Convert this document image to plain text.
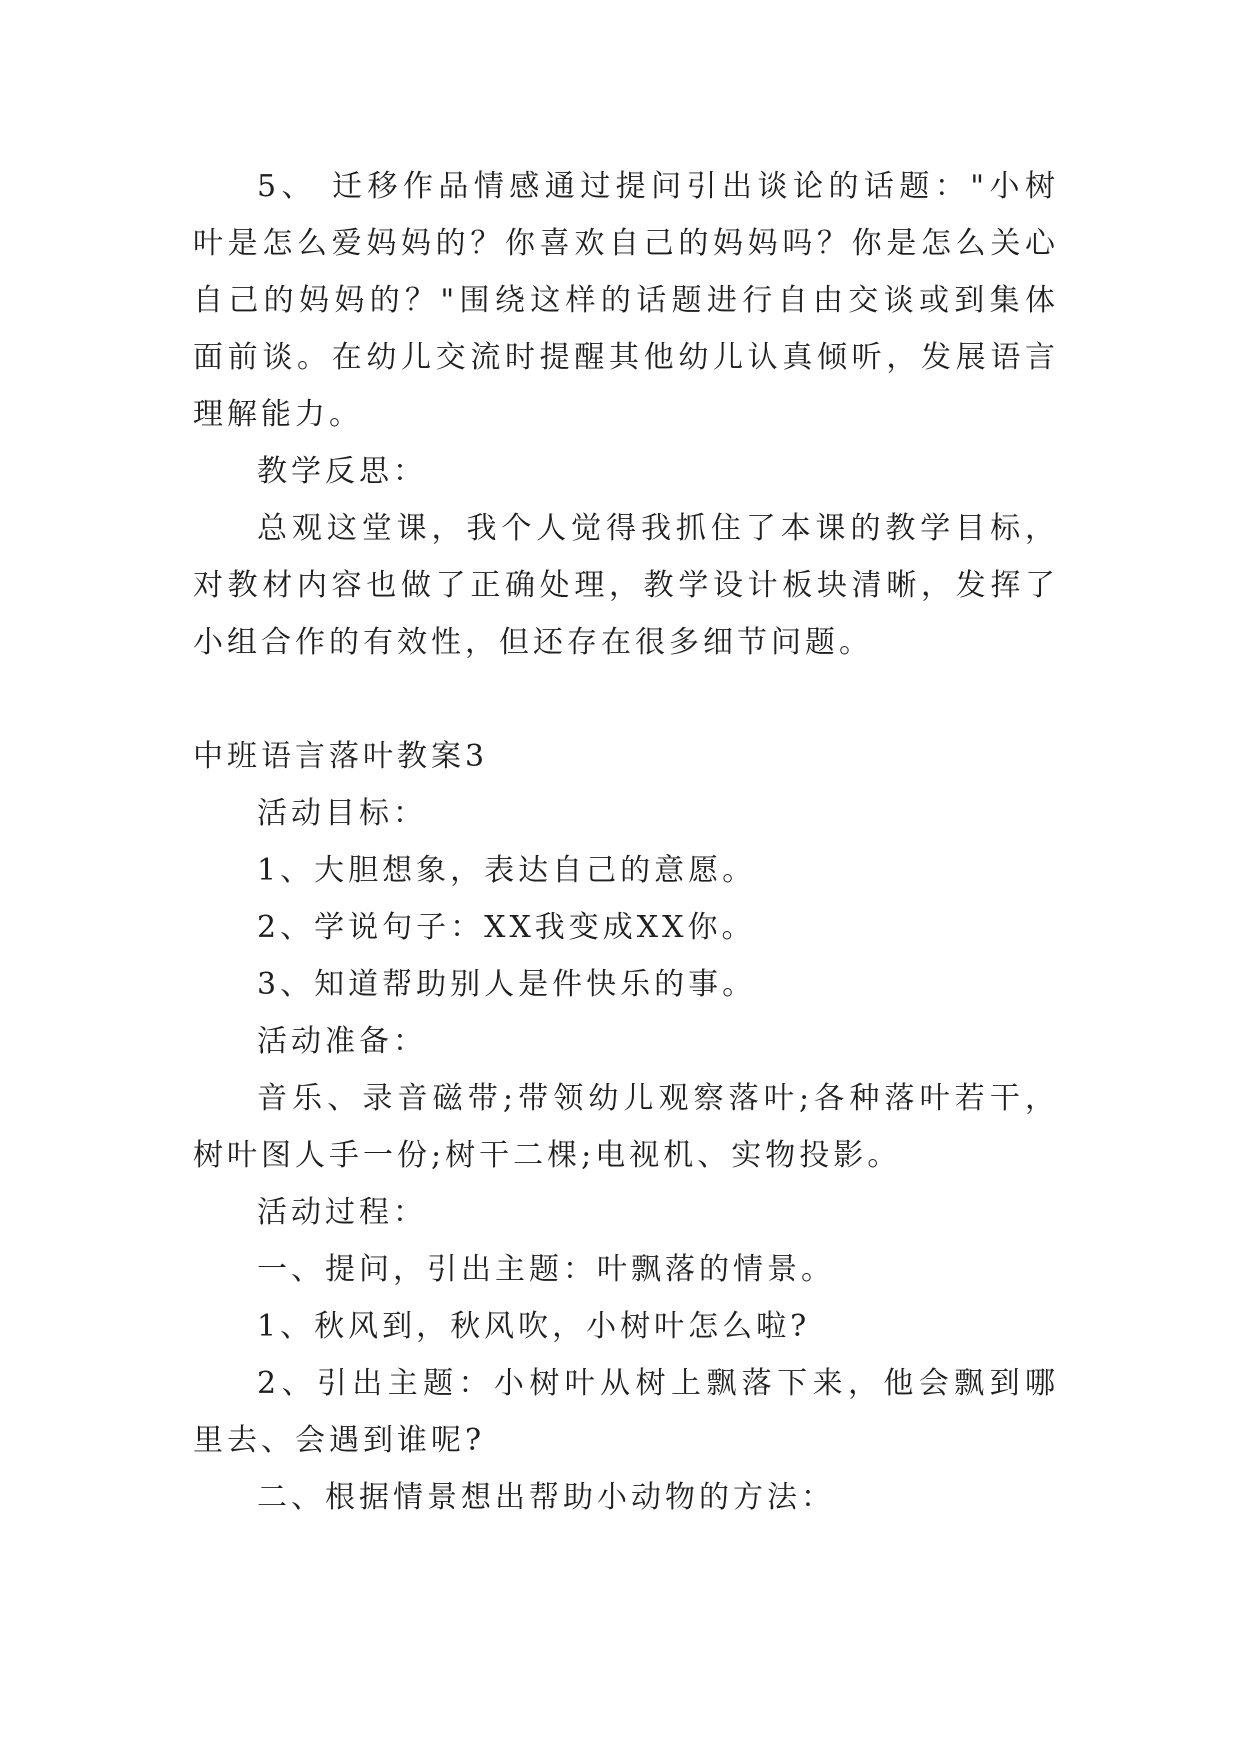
5、 迁移作品情感通过提问引出谈论的话题："小树叶是怎么爱妈妈的？你喜欢自己的妈妈吗？你是怎么关心自己的妈妈的？"围绕这样的话题进行自由交谈或到集体面前谈。在幼儿交流时提醒其他幼儿认真倾听，发展语言理解能力。

教学反思：

总观这堂课，我个人觉得我抓住了本课的教学目标，对教材内容也做了正确处理，教学设计板块清晰，发挥了小组合作的有效性，但还存在很多细节问题。

中班语言落叶教案3

活动目标：

1、大胆想象，表达自己的意愿。

2、学说句子：XX我变成XX你。

3、知道帮助别人是件快乐的事。

活动准备：

音乐、录音磁带;带领幼儿观察落叶;各种落叶若干，树叶图人手一份;树干二棵;电视机、实物投影。

活动过程：

一、提问，引出主题：叶飘落的情景。

1、秋风到，秋风吹，小树叶怎么啦?

2、引出主题：小树叶从树上飘落下来，他会飘到哪里去、会遇到谁呢?

二、根据情景想出帮助小动物的方法：
